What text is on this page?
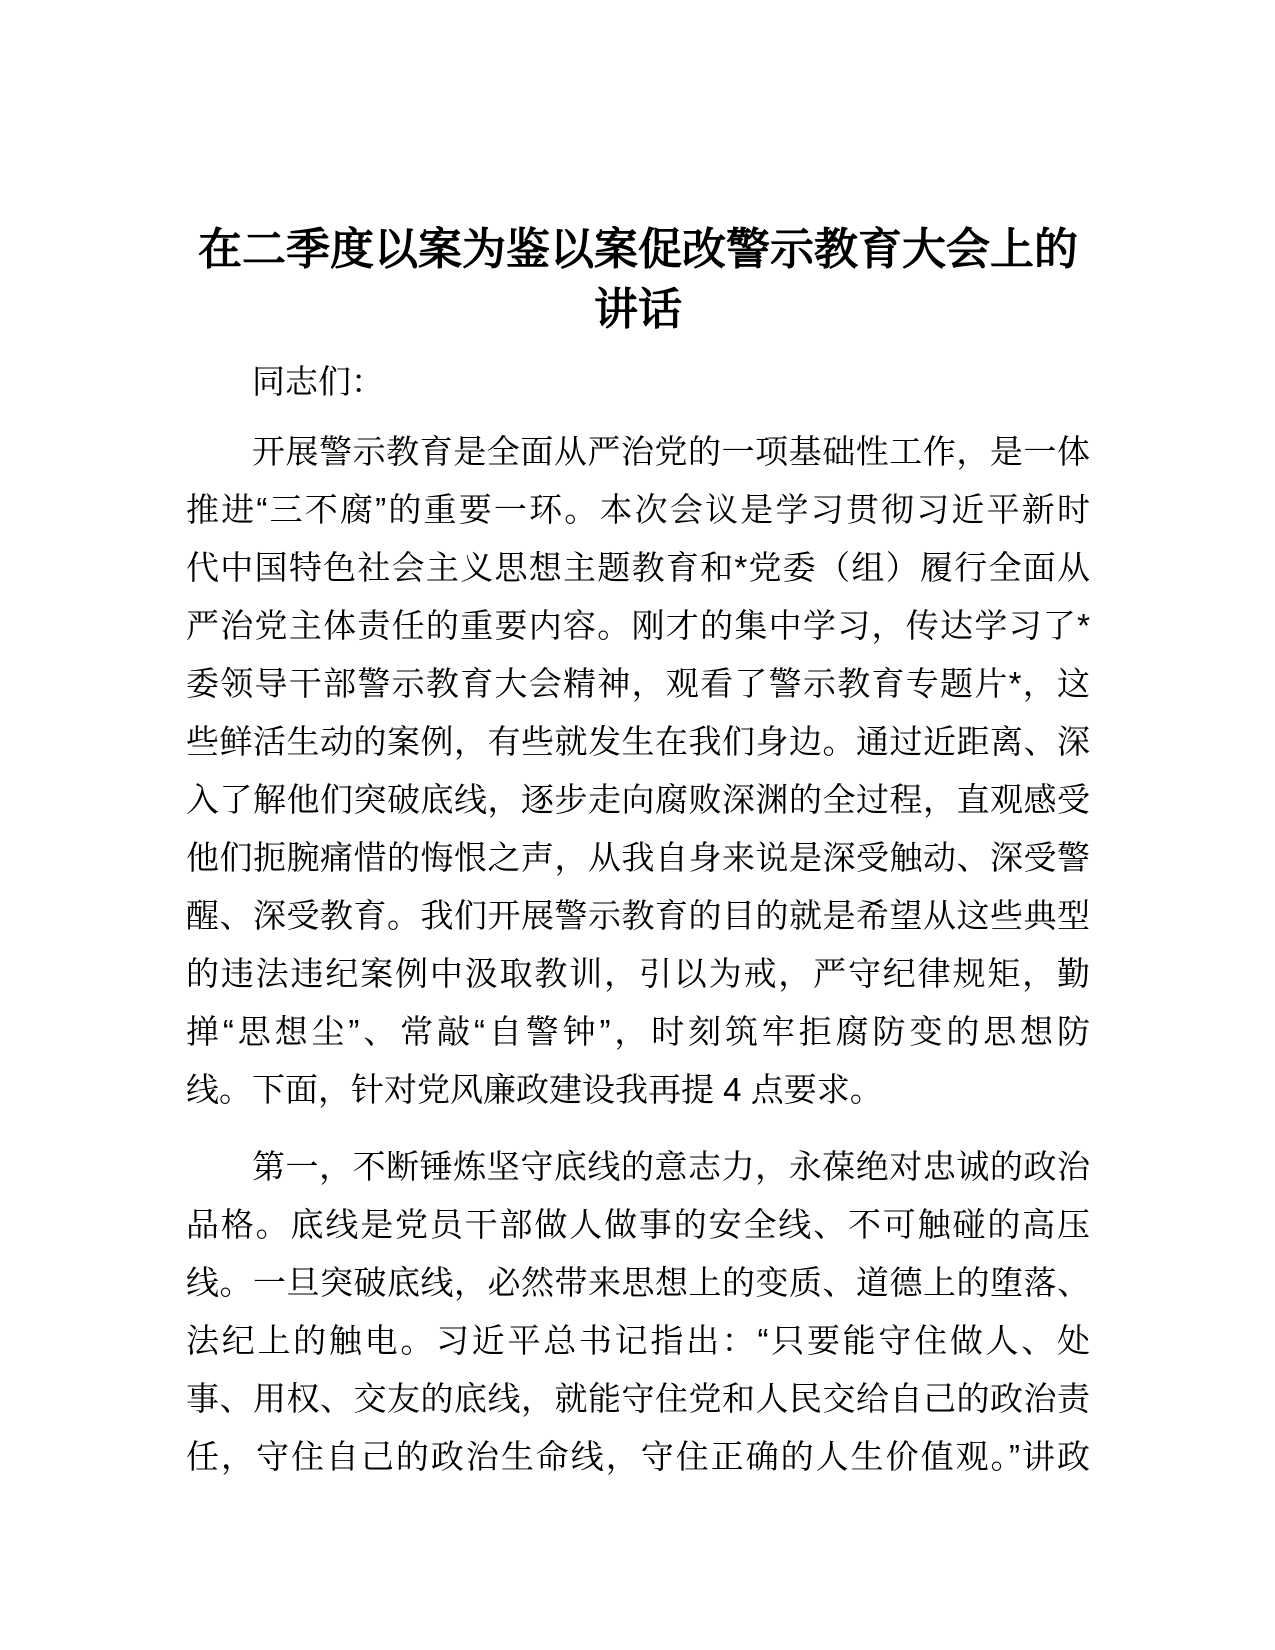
在二季度以案为鉴以案促改警示教育大会上的
讲话
同志们：
开展警示教育是全面从严治党的一项基础性工作，是一体
推进“三不腐”的重要一环。本次会议是学习贯彻习近平新时
代中国特色社会主义思想主题教育和*党委（组）履行全面从
严治党主体责任的重要内容。刚才的集中学习，传达学习了*
委领导干部警示教育大会精神，观看了警示教育专题片*，这
些鲜活生动的案例，有些就发生在我们身边。通过近距离、深
入了解他们突破底线，逐步走向腐败深渊的全过程，直观感受
他们扼腕痛惜的悔恨之声，从我自身来说是深受触动、深受警
醒、深受教育。我们开展警示教育的目的就是希望从这些典型
的违法违纪案例中汲取教训，引以为戒，严守纪律规矩，勤
掸“思想尘”、常敲“自警钟”，时刻筑牢拒腐防变的思想防
线。下面，针对党风廉政建设我再提 4 点要求。
第一，不断锤炼坚守底线的意志力，永葆绝对忠诚的政治
品格。底线是党员干部做人做事的安全线、不可触碰的高压
线。一旦突破底线，必然带来思想上的变质、道德上的堕落、
法纪上的触电。习近平总书记指出：“只要能守住做人、处
事、用权、交友的底线，就能守住党和人民交给自己的政治责
任，守住自己的政治生命线，守住正确的人生价值观。”讲政
